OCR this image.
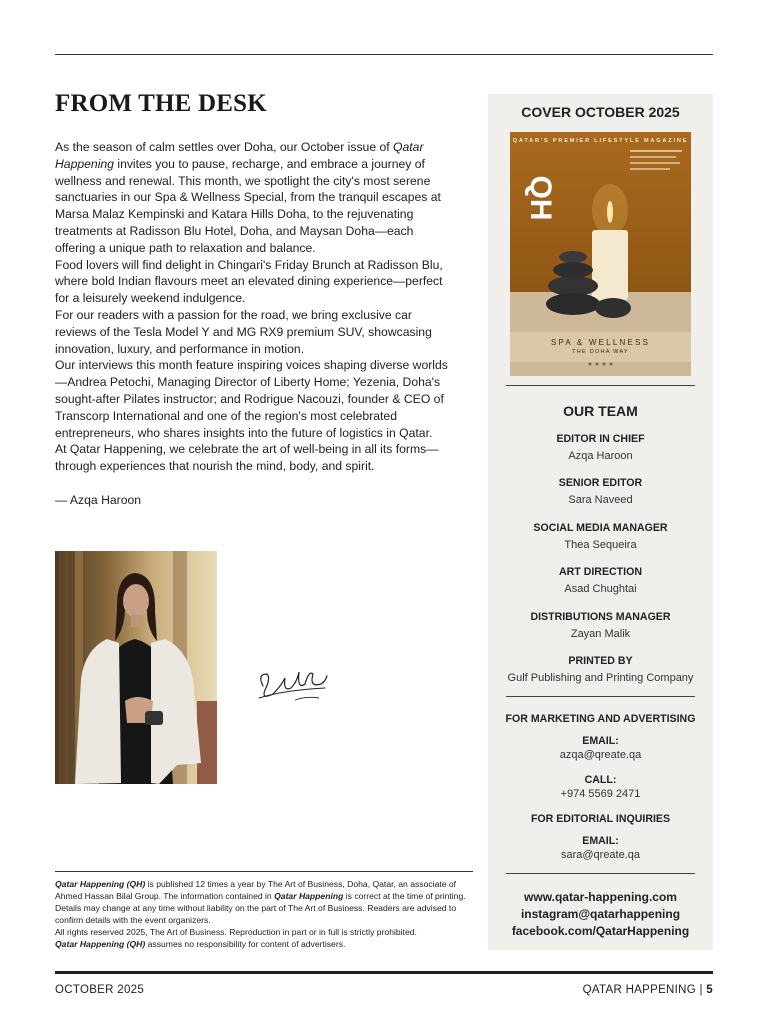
FROM THE DESK

As the season of calm settles over Doha, our October issue of Qatar Happening invites you to pause, recharge, and embrace a journey of wellness and renewal. This month, we spotlight the city's most serene sanctuaries in our Spa & Wellness Special, from the tranquil escapes at Marsa Malaz Kempinski and Katara Hills Doha, to the rejuvenating treatments at Radisson Blu Hotel, Doha, and Maysan Doha—each offering a unique path to relaxation and balance.

Food lovers will find delight in Chingari's Friday Brunch at Radisson Blu, where bold Indian flavours meet an elevated dining experience—perfect for a leisurely weekend indulgence.

For our readers with a passion for the road, we bring exclusive car reviews of the Tesla Model Y and MG RX9 premium SUV, showcasing innovation, luxury, and performance in motion.

Our interviews this month feature inspiring voices shaping diverse worlds—Andrea Petochi, Managing Director of Liberty Home; Yezenia, Doha's sought-after Pilates instructor; and Rodrigue Nacouzi, founder & CEO of Transcorp International and one of the region's most celebrated entrepreneurs, who shares insights into the future of logistics in Qatar.

At Qatar Happening, we celebrate the art of well-being in all its forms—through experiences that nourish the mind, body, and spirit.

— Azqa Haroon

Qatar Happening (QH) is published 12 times a year by The Art of Business, Doha, Qatar, an associate of Ahmed Hassan Bilal Group. The information contained in Qatar Happening is correct at the time of printing. Details may change at any time without liability on the part of The Art of Business. Readers are advised to confirm details with the event organizers.

All rights reserved 2025, The Art of Business. Reproduction in part or in full is strictly prohibited.

Qatar Happening (QH) assumes no responsibility for content of advertisers.

OCTOBER 2025	QATAR HAPPENING | 5
COVER OCTOBER 2025
QATAR'S PREMIER LIFESTYLE MAGAZINE
QH
SPA & WELLNESS
THE DOHA WAY
OUR TEAM
EDITOR IN CHIEF
Azqa Haroon
SENIOR EDITOR
Sara Naveed
SOCIAL MEDIA MANAGER
Thea Sequeira
ART DIRECTION
Asad Chughtai
DISTRIBUTIONS MANAGER
Zayan Malik
PRINTED BY
Gulf Publishing and Printing Company
FOR MARKETING AND ADVERTISING
EMAIL:
azqa@qreate.qa
CALL:
+974 5569 2471
FOR EDITORIAL INQUIRIES
EMAIL:
sara@qreate.qa
www.qatar-happening.com
instagram@qatarhappening
facebook.com/QatarHappening
